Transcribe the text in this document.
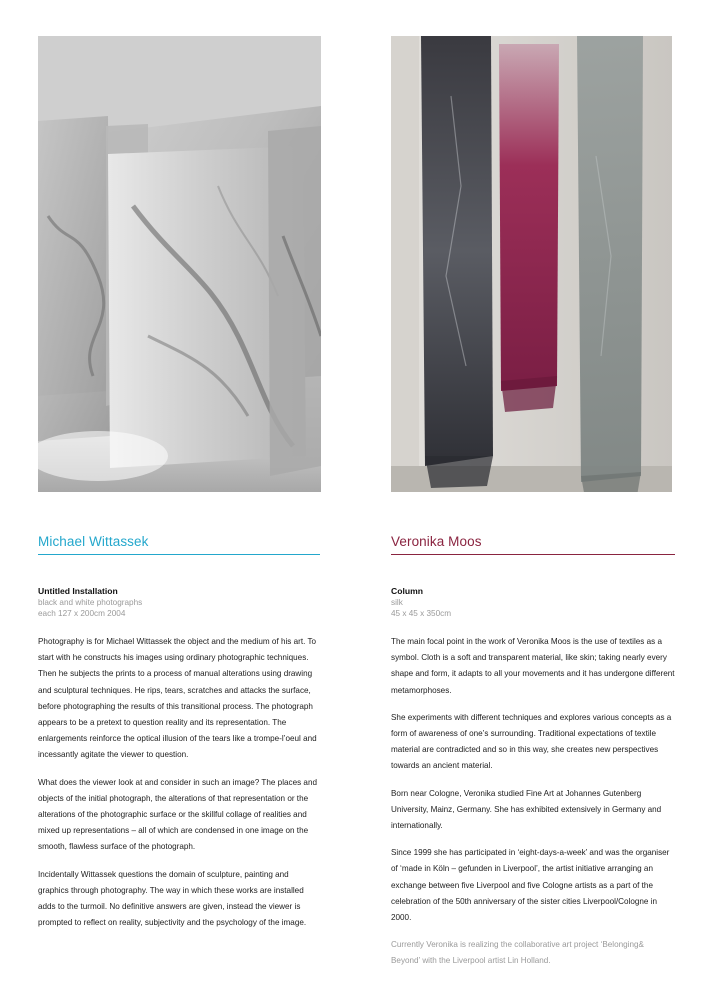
Michael Wittassek
Untitled Installation
black and white photographs
each 127 x 200cm 2004

Photography is for Michael Wittassek the object and the medium of his art. To start with he constructs his images using ordinary photographic techniques. Then he subjects the prints to a process of manual alterations using drawing and sculptural techniques. He rips, tears, scratches and attacks the surface, before photographing the results of this transitional process. The photograph appears to be a pretext to question reality and its representation. The enlargements reinforce the optical illusion of the tears like a trompe-l’oeul and incessantly agitate the viewer to question.

What does the viewer look at and consider in such an image? The places and objects of the initial photograph, the alterations of that representation or the alterations of the photographic surface or the skillful collage of realities and mixed up representations – all of which are condensed in one image on the smooth, flawless surface of the photograph.

Incidentally Wittassek questions the domain of sculpture, painting and graphics through photography. The way in which these works are installed adds to the turmoil. No definitive answers are given, instead the viewer is prompted to reflect on reality, subjectivity and the psychology of the image.

Veronika Moos
Column
silk
45 x 45 x 350cm

The main focal point in the work of Veronika Moos is the use of textiles as a symbol. Cloth is a soft and transparent material, like skin; taking nearly every shape and form, it adapts to all your movements and it has undergone different metamorphoses.

She experiments with different techniques and explores various concepts as a form of awareness of one’s surrounding. Traditional expectations of textile material are contradicted and so in this way, she creates new perspectives towards an ancient material.

Born near Cologne, Veronika studied Fine Art at Johannes Gutenberg University, Mainz, Germany. She has exhibited extensively in Germany and internationally.

Since 1999 she has participated in ‘eight-days-a-week’ and was the organiser of ‘made in Köln – gefunden in Liverpool’, the artist initiative arranging an exchange between five Liverpool and five Cologne artists as a part of the celebration of the 50th anniversary of the sister cities Liverpool/Cologne in 2000.

Currently Veronika is realizing the collaborative art project ‘Belonging& Beyond’ with the Liverpool artist Lin Holland.
